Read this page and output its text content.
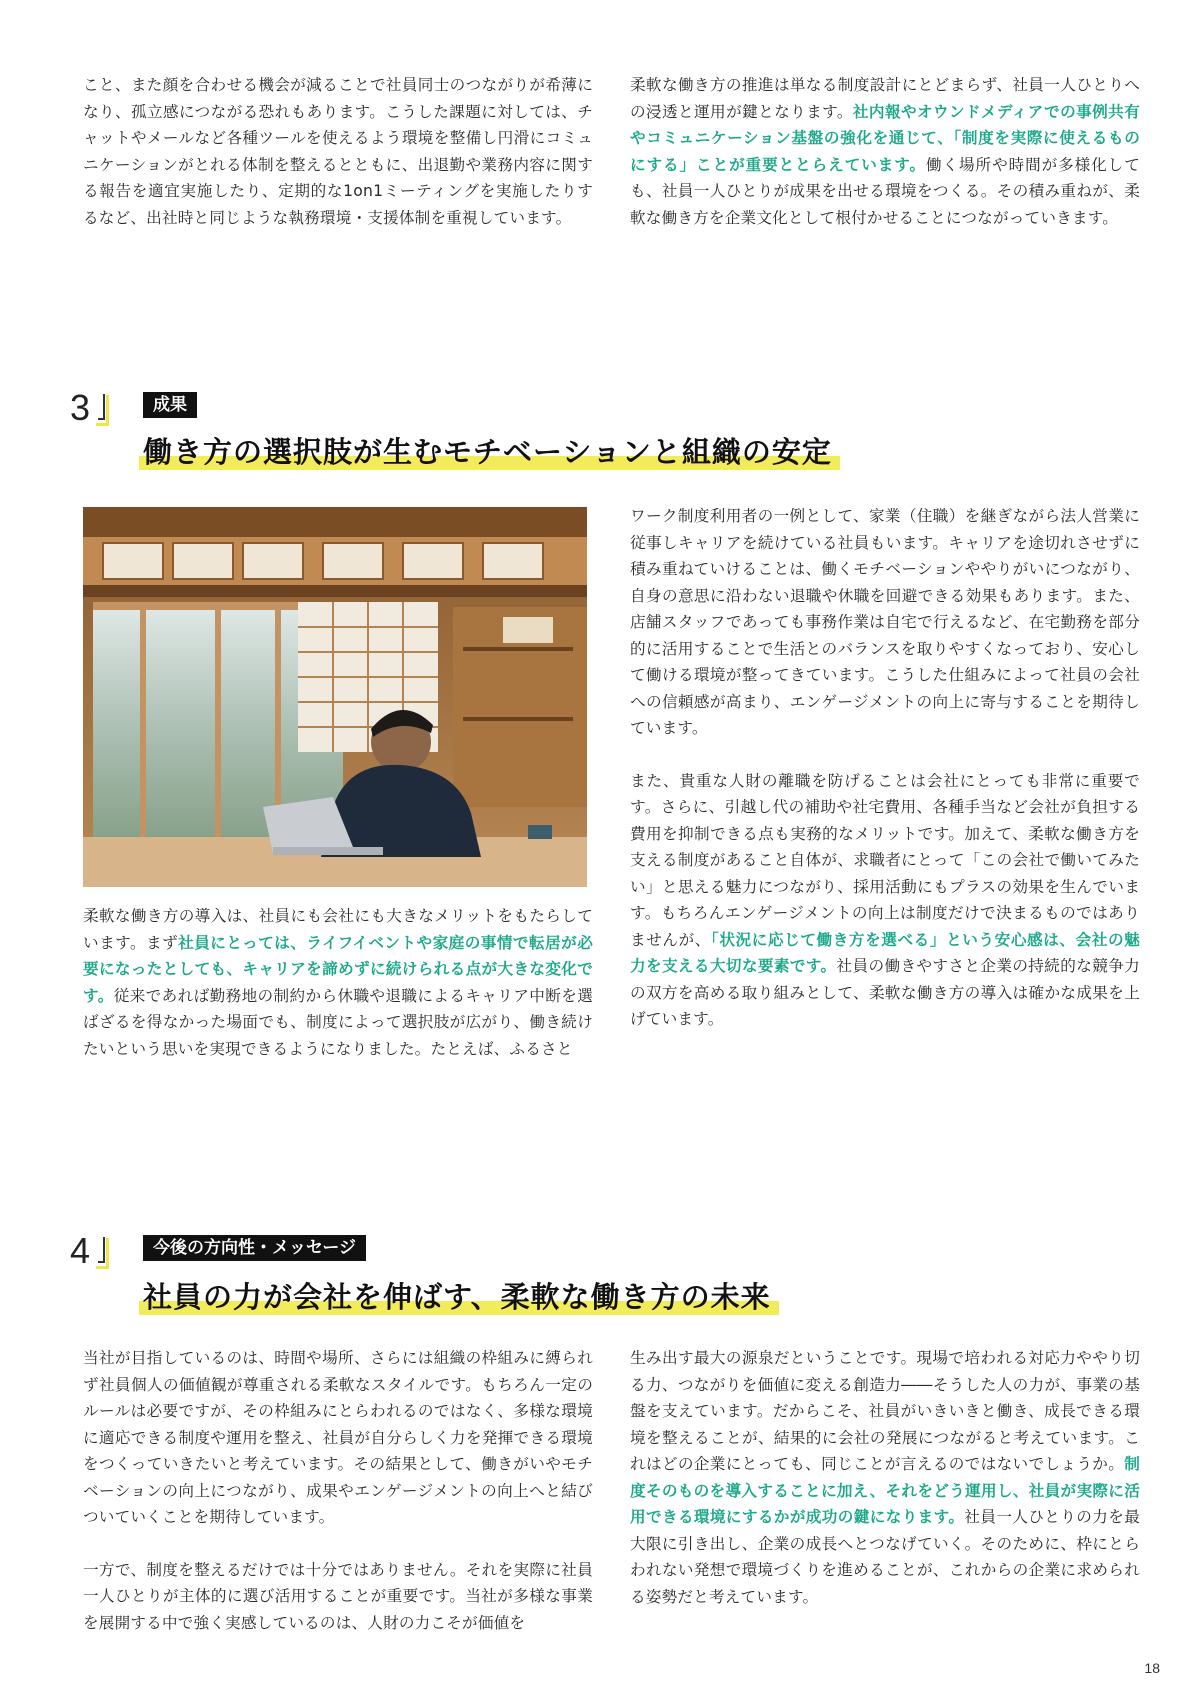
こと、また顔を合わせる機会が減ることで社員同士のつながりが希薄になり、孤立感につながる恐れもあります。こうした課題に対しては、チャットやメールなど各種ツールを使えるよう環境を整備し円滑にコミュニケーションがとれる体制を整えるとともに、出退勤や業務内容に関する報告を適宜実施したり、定期的な1on1ミーティングを実施したりするなど、出社時と同じような執務環境・支援体制を重視しています。

柔軟な働き方の推進は単なる制度設計にとどまらず、社員一人ひとりへの浸透と運用が鍵となります。社内報やオウンドメディアでの事例共有やコミュニケーション基盤の強化を通じて、「制度を実際に使えるものにする」ことが重要ととらえています。働く場所や時間が多様化しても、社員一人ひとりが成果を出せる環境をつくる。その積み重ねが、柔軟な働き方を企業文化として根付かせることにつながっていきます。

3	成果
働き方の選択肢が生むモチベーションと組織の安定

柔軟な働き方の導入は、社員にも会社にも大きなメリットをもたらしています。まず社員にとっては、ライフイベントや家庭の事情で転居が必要になったとしても、キャリアを諦めずに続けられる点が大きな変化です。従来であれば勤務地の制約から休職や退職によるキャリア中断を選ばざるを得なかった場面でも、制度によって選択肢が広がり、働き続けたいという思いを実現できるようになりました。たとえば、ふるさと

ワーク制度利用者の一例として、家業（住職）を継ぎながら法人営業に従事しキャリアを続けている社員もいます。キャリアを途切れさせずに積み重ねていけることは、働くモチベーションややりがいにつながり、自身の意思に沿わない退職や休職を回避できる効果もあります。また、店舗スタッフであっても事務作業は自宅で行えるなど、在宅勤務を部分的に活用することで生活とのバランスを取りやすくなっており、安心して働ける環境が整ってきています。こうした仕組みによって社員の会社への信頼感が高まり、エンゲージメントの向上に寄与することを期待しています。

また、貴重な人財の離職を防げることは会社にとっても非常に重要です。さらに、引越し代の補助や社宅費用、各種手当など会社が負担する費用を抑制できる点も実務的なメリットです。加えて、柔軟な働き方を支える制度があること自体が、求職者にとって「この会社で働いてみたい」と思える魅力につながり、採用活動にもプラスの効果を生んでいます。もちろんエンゲージメントの向上は制度だけで決まるものではありませんが、「状況に応じて働き方を選べる」という安心感は、会社の魅力を支える大切な要素です。社員の働きやすさと企業の持続的な競争力の双方を高める取り組みとして、柔軟な働き方の導入は確かな成果を上げています。

4	今後の方向性・メッセージ
社員の力が会社を伸ばす、柔軟な働き方の未来

当社が目指しているのは、時間や場所、さらには組織の枠組みに縛られず社員個人の価値観が尊重される柔軟なスタイルです。もちろん一定のルールは必要ですが、その枠組みにとらわれるのではなく、多様な環境に適応できる制度や運用を整え、社員が自分らしく力を発揮できる環境をつくっていきたいと考えています。その結果として、働きがいやモチベーションの向上につながり、成果やエンゲージメントの向上へと結びついていくことを期待しています。

一方で、制度を整えるだけでは十分ではありません。それを実際に社員一人ひとりが主体的に選び活用することが重要です。当社が多様な事業を展開する中で強く実感しているのは、人財の力こそが価値を

生み出す最大の源泉だということです。現場で培われる対応力ややり切る力、つながりを価値に変える創造力――そうした人の力が、事業の基盤を支えています。だからこそ、社員がいきいきと働き、成長できる環境を整えることが、結果的に会社の発展につながると考えています。これはどの企業にとっても、同じことが言えるのではないでしょうか。制度そのものを導入することに加え、それをどう運用し、社員が実際に活用できる環境にするかが成功の鍵になります。社員一人ひとりの力を最大限に引き出し、企業の成長へとつなげていく。そのために、枠にとらわれない発想で環境づくりを進めることが、これからの企業に求められる姿勢だと考えています。

18
